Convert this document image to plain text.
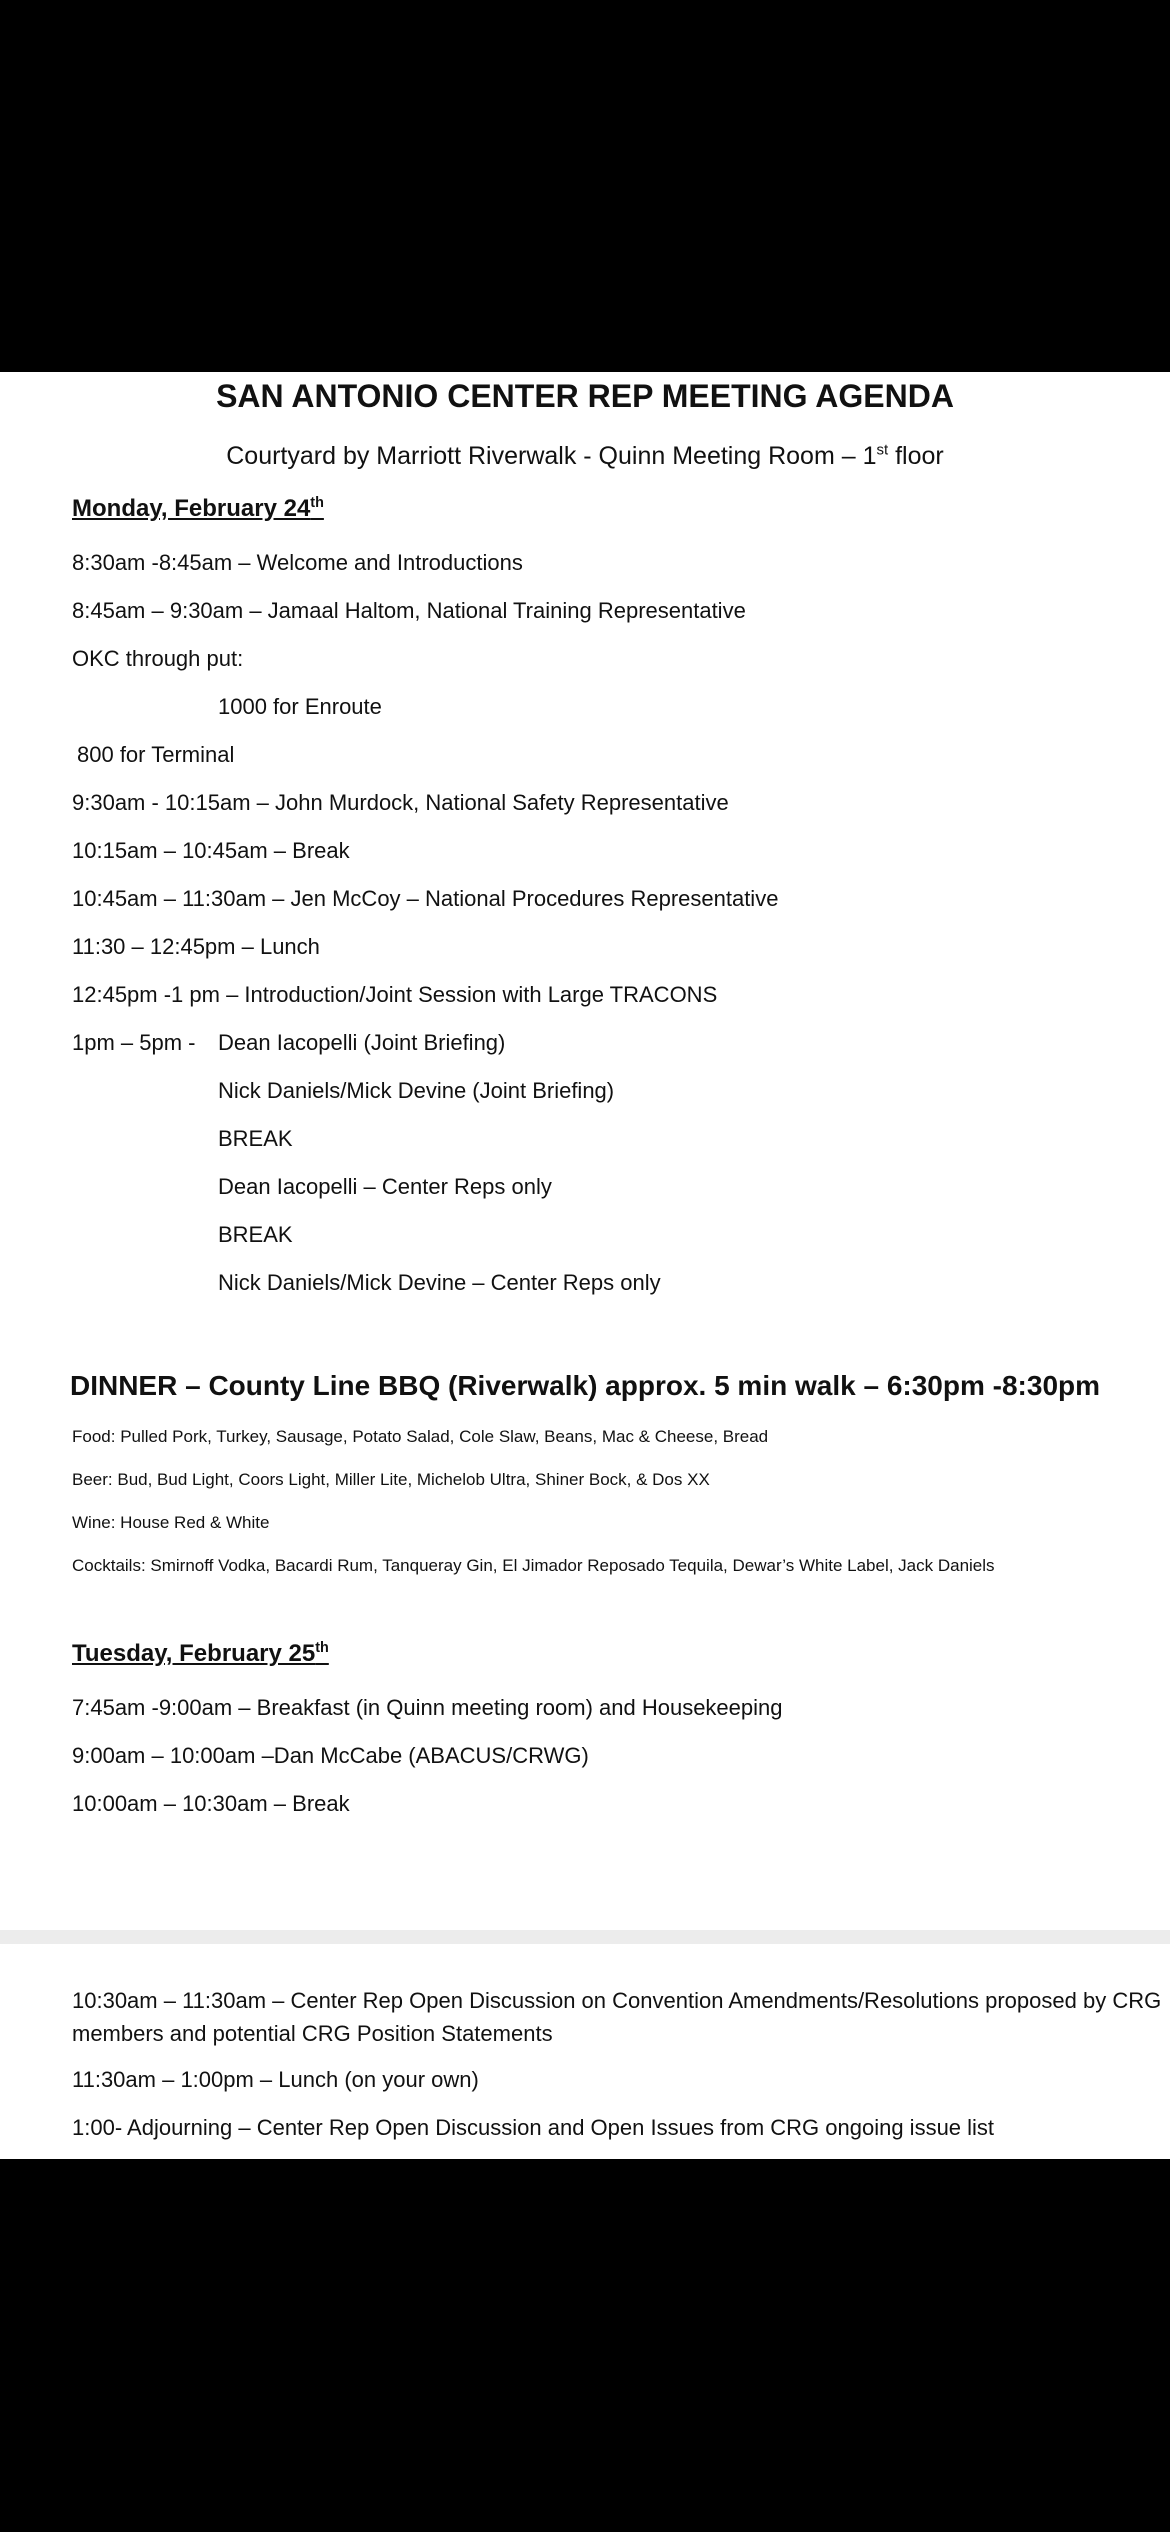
SAN ANTONIO CENTER REP MEETING AGENDA
Courtyard by Marriott Riverwalk - Quinn Meeting Room – 1st floor
Monday, February 24th
8:30am -8:45am – Welcome and Introductions
8:45am – 9:30am – Jamaal Haltom, National Training Representative
OKC through put:
1000 for Enroute
800 for Terminal
9:30am - 10:15am – John Murdock, National Safety Representative
10:15am – 10:45am – Break
10:45am – 11:30am – Jen McCoy – National Procedures Representative
11:30 – 12:45pm – Lunch
12:45pm -1 pm – Introduction/Joint Session with Large TRACONS
1pm – 5pm - Dean Iacopelli (Joint Briefing)
Nick Daniels/Mick Devine (Joint Briefing)
BREAK
Dean Iacopelli – Center Reps only
BREAK
Nick Daniels/Mick Devine – Center Reps only
DINNER – County Line BBQ (Riverwalk) approx. 5 min walk – 6:30pm -8:30pm
Food: Pulled Pork, Turkey, Sausage, Potato Salad, Cole Slaw, Beans, Mac & Cheese, Bread
Beer: Bud, Bud Light, Coors Light, Miller Lite, Michelob Ultra, Shiner Bock, & Dos XX
Wine: House Red & White
Cocktails: Smirnoff Vodka, Bacardi Rum, Tanqueray Gin, El Jimador Reposado Tequila, Dewar’s White Label, Jack Daniels
Tuesday, February 25th
7:45am -9:00am – Breakfast (in Quinn meeting room) and Housekeeping
9:00am – 10:00am –Dan McCabe (ABACUS/CRWG)
10:00am – 10:30am – Break
10:30am – 11:30am – Center Rep Open Discussion on Convention Amendments/Resolutions proposed by CRG members and potential CRG Position Statements
11:30am – 1:00pm – Lunch (on your own)
1:00- Adjourning – Center Rep Open Discussion and Open Issues from CRG ongoing issue list
